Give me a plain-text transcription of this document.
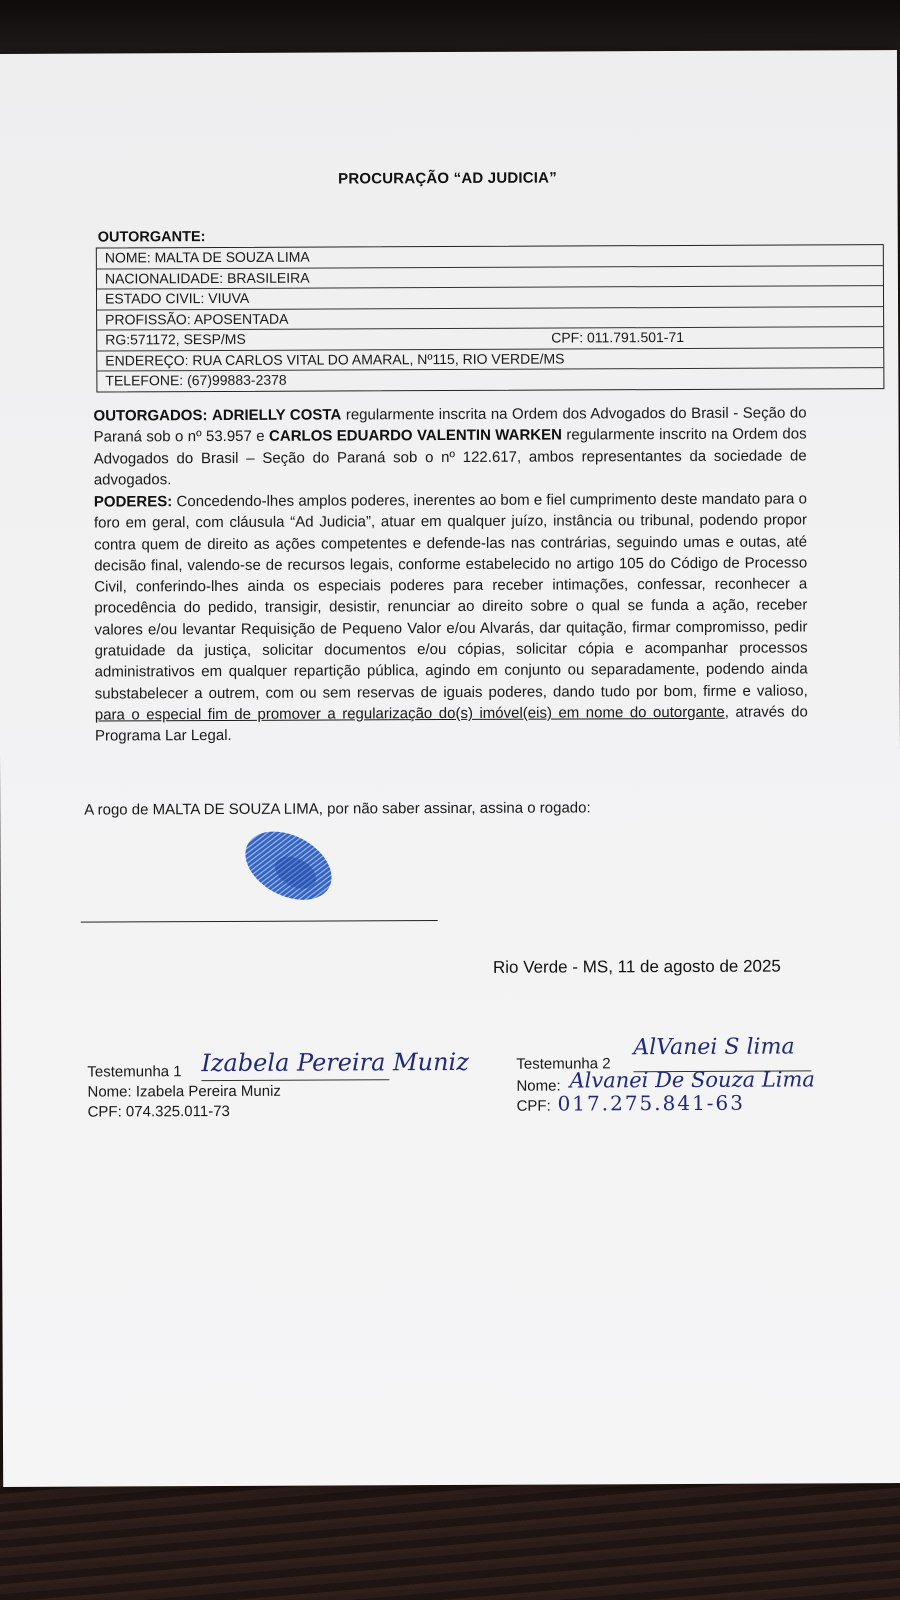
PROCURAÇÃO “AD JUDICIA”
OUTORGANTE:
NOME: MALTA DE SOUZA LIMA
NACIONALIDADE: BRASILEIRA
ESTADO CIVIL: VIUVA
PROFISSÃO: APOSENTADA
RG:571172, SESP/MS	CPF: 011.791.501-71
ENDEREÇO: RUA CARLOS VITAL DO AMARAL, Nº115, RIO VERDE/MS
TELEFONE: (67)99883-2378
OUTORGADOS: ADRIELLY COSTA regularmente inscrita na Ordem dos Advogados do Brasil - Seção do Paraná sob o nº 53.957 e CARLOS EDUARDO VALENTIN WARKEN regularmente inscrito na Ordem dos Advogados do Brasil – Seção do Paraná sob o nº 122.617, ambos representantes da sociedade de advogados.
PODERES: Concedendo-lhes amplos poderes, inerentes ao bom e fiel cumprimento deste mandato para o foro em geral, com cláusula “Ad Judicia”, atuar em qualquer juízo, instância ou tribunal, podendo propor contra quem de direito as ações competentes e defende-las nas contrárias, seguindo umas e outas, até decisão final, valendo-se de recursos legais, conforme estabelecido no artigo 105 do Código de Processo Civil, conferindo-lhes ainda os especiais poderes para receber intimações, confessar, reconhecer a procedência do pedido, transigir, desistir, renunciar ao direito sobre o qual se funda a ação, receber valores e/ou levantar Requisição de Pequeno Valor e/ou Alvarás, dar quitação, firmar compromisso, pedir gratuidade da justiça, solicitar documentos e/ou cópias, solicitar cópia e acompanhar processos administrativos em qualquer repartição pública, agindo em conjunto ou separadamente, podendo ainda substabelecer a outrem, com ou sem reservas de iguais poderes, dando tudo por bom, firme e valioso, para o especial fim de promover a regularização do(s) imóvel(eis) em nome do outorgante, através do Programa Lar Legal.
A rogo de MALTA DE SOUZA LIMA, por não saber assinar, assina o rogado:
Rio Verde - MS, 11 de agosto de 2025
Testemunha 1 Izabela Pereira Muniz
Nome: Izabela Pereira Muniz
CPF: 074.325.011-73
Testemunha 2
AlVanei S lima
Nome: Alvanei De Souza Lima
CPF: 017.275.841-63
